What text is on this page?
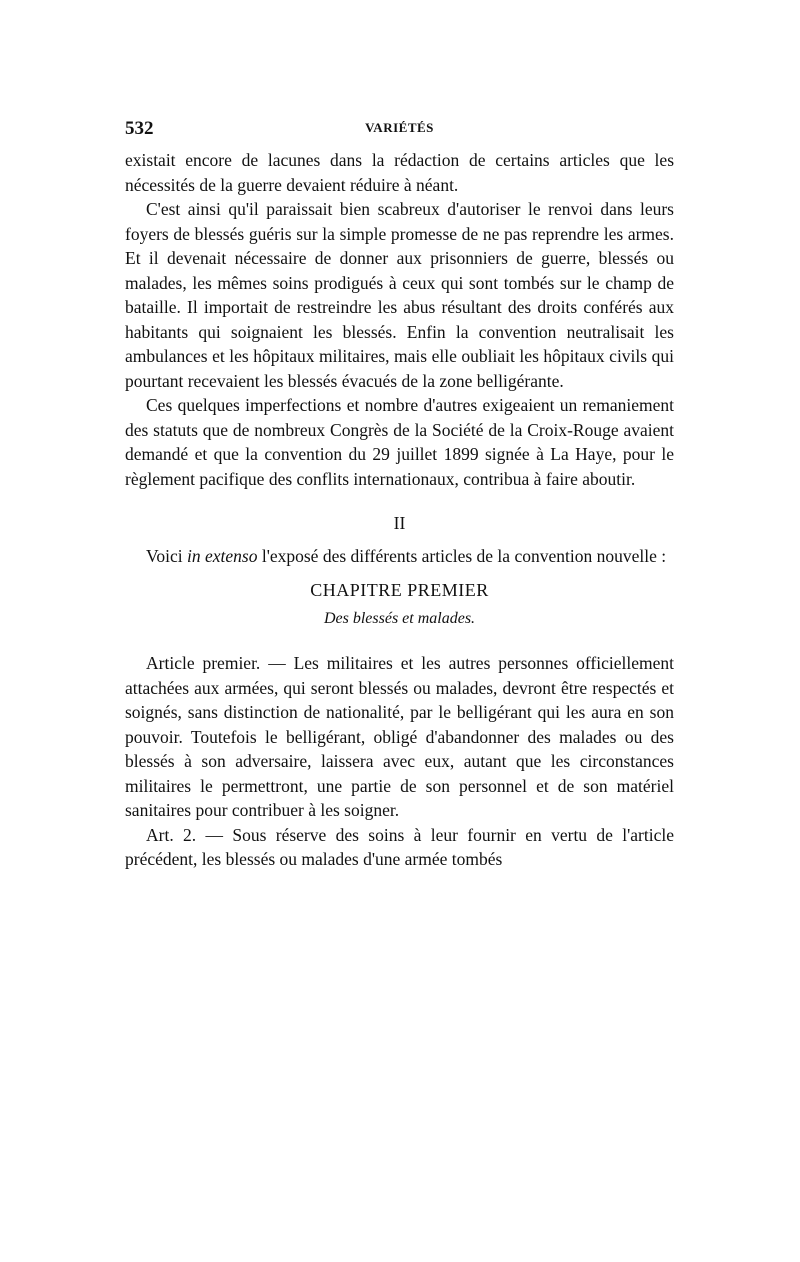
532	VARIÉTÉS

existait encore de lacunes dans la rédaction de certains articles que les nécessités de la guerre devaient réduire à néant.

C'est ainsi qu'il paraissait bien scabreux d'autoriser le renvoi dans leurs foyers de blessés guéris sur la simple promesse de ne pas reprendre les armes. Et il devenait nécessaire de donner aux prisonniers de guerre, blessés ou malades, les mêmes soins prodigués à ceux qui sont tombés sur le champ de bataille. Il importait de restreindre les abus résultant des droits conférés aux habitants qui soignaient les blessés. Enfin la convention neutralisait les ambulances et les hôpitaux militaires, mais elle oubliait les hôpitaux civils qui pourtant recevaient les blessés évacués de la zone belligérante.

Ces quelques imperfections et nombre d'autres exigeaient un remaniement des statuts que de nombreux Congrès de la Société de la Croix-Rouge avaient demandé et que la convention du 29 juillet 1899 signée à La Haye, pour le règlement pacifique des conflits internationaux, contribua à faire aboutir.

II

Voici in extenso l'exposé des différents articles de la convention nouvelle :

CHAPITRE PREMIER
Des blessés et malades.

Article premier. — Les militaires et les autres personnes officiellement attachées aux armées, qui seront blessés ou malades, devront être respectés et soignés, sans distinction de nationalité, par le belligérant qui les aura en son pouvoir. Toutefois le belligérant, obligé d'abandonner des malades ou des blessés à son adversaire, laissera avec eux, autant que les circonstances militaires le permettront, une partie de son personnel et de son matériel sanitaires pour contribuer à les soigner.

Art. 2. — Sous réserve des soins à leur fournir en vertu de l'article précédent, les blessés ou malades d'une armée tombés
